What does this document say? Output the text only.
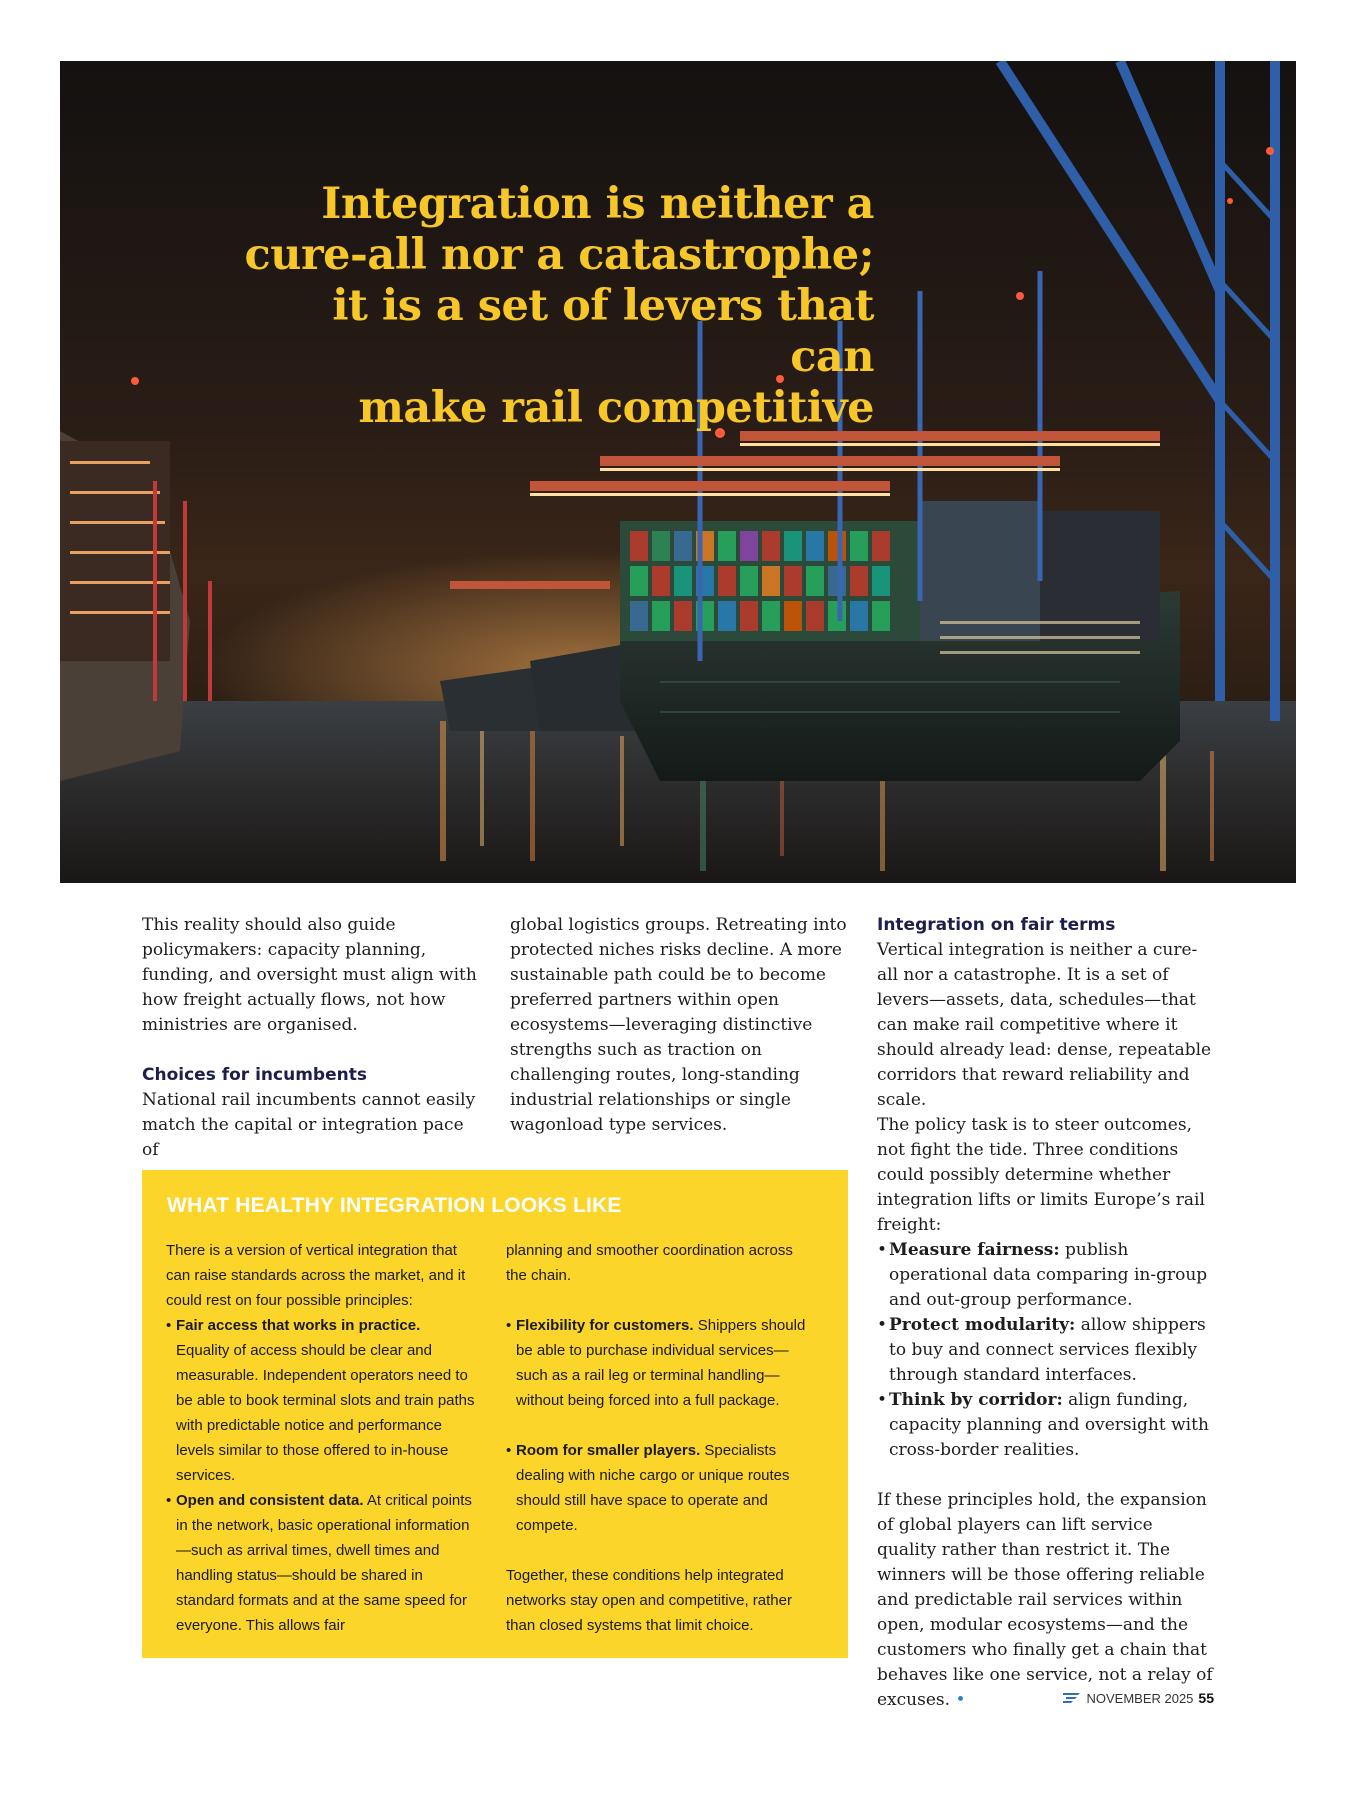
Integration is neither a
cure-all nor a catastrophe;
it is a set of levers that can
make rail competitive

This reality should also guide policymakers: capacity planning, funding, and oversight must align with how freight actually flows, not how ministries are organised.

Choices for incumbents

National rail incumbents cannot easily match the capital or integration pace of

global logistics groups. Retreating into protected niches risks decline. A more sustainable path could be to become preferred partners within open ecosystems—leveraging distinctive strengths such as traction on challenging routes, long-standing industrial relationships or single wagonload type services.

Integration on fair terms

Vertical integration is neither a cure-all nor a catastrophe. It is a set of levers—assets, data, schedules—that can make rail competitive where it should already lead: dense, repeatable corridors that reward reliability and scale.

The policy task is to steer outcomes, not fight the tide. Three conditions could possibly determine whether integration lifts or limits Europe’s rail freight:

• Measure fairness: publish operational data comparing in-group and out-group performance.
• Protect modularity: allow shippers to buy and connect services flexibly through standard interfaces.
• Think by corridor: align funding, capacity planning and oversight with cross-border realities.

If these principles hold, the expansion of global players can lift service quality rather than restrict it. The winners will be those offering reliable and predictable rail services within open, modular ecosystems—and the customers who finally get a chain that behaves like one service, not a relay of excuses. •

WHAT HEALTHY INTEGRATION LOOKS LIKE

There is a version of vertical integration that can raise standards across the market, and it could rest on four possible principles:

• Fair access that works in practice. Equality of access should be clear and measurable. Independent operators need to be able to book terminal slots and train paths with predictable notice and performance levels similar to those offered to in-house services.
• Open and consistent data. At critical points in the network, basic operational information—such as arrival times, dwell times and handling status—should be shared in standard formats and at the same speed for everyone. This allows fair

planning and smoother coordination across the chain.

• Flexibility for customers. Shippers should be able to purchase individual services—such as a rail leg or terminal handling—without being forced into a full package.
• Room for smaller players. Specialists dealing with niche cargo or unique routes should still have space to operate and compete.

Together, these conditions help integrated networks stay open and competitive, rather than closed systems that limit choice.

NOVEMBER 2025 55
